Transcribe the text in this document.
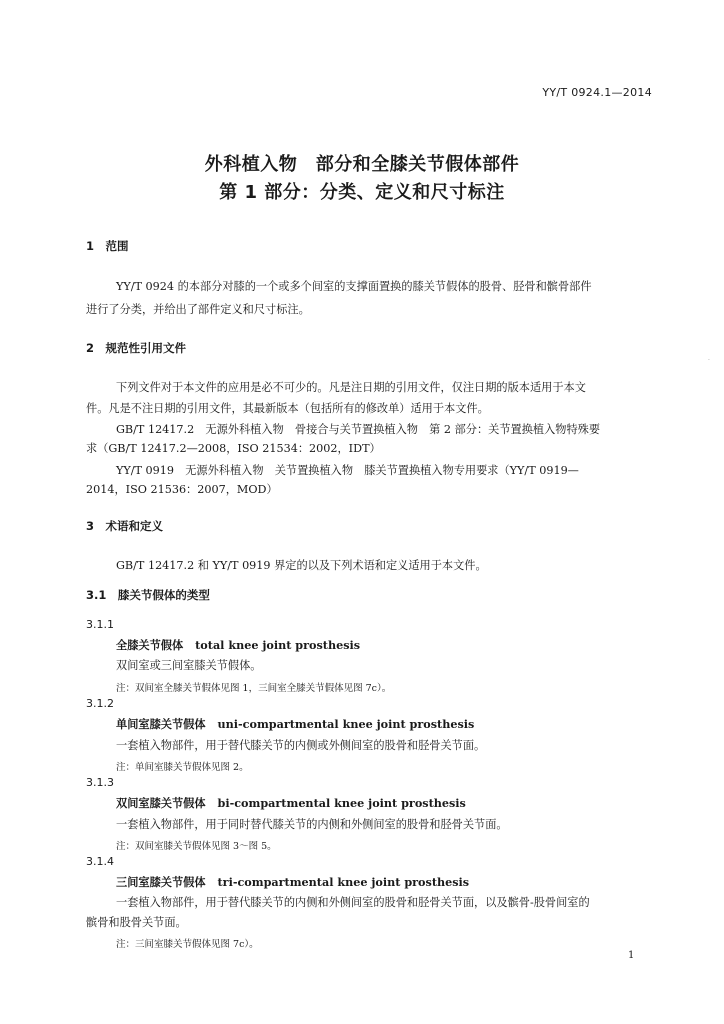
YY/T 0924.1—2014
外科植入物　部分和全膝关节假体部件
第 1 部分：分类、定义和尺寸标注
1　范围
YY/T 0924 的本部分对膝的一个或多个间室的支撑面置换的膝关节假体的股骨、胫骨和髌骨部件
进行了分类，并给出了部件定义和尺寸标注。
2　规范性引用文件
下列文件对于本文件的应用是必不可少的。凡是注日期的引用文件，仅注日期的版本适用于本文
件。凡是不注日期的引用文件，其最新版本（包括所有的修改单）适用于本文件。
GB/T 12417.2　无源外科植入物　骨接合与关节置换植入物　第 2 部分：关节置换植入物特殊要
求（GB/T 12417.2—2008，ISO 21534：2002，IDT）
YY/T 0919　无源外科植入物　关节置换植入物　膝关节置换植入物专用要求（YY/T 0919—
2014，ISO 21536：2007，MOD）
·
3　术语和定义
GB/T 12417.2 和 YY/T 0919 界定的以及下列术语和定义适用于本文件。
3.1　膝关节假体的类型
3.1.1
全膝关节假体 total knee joint prosthesis
双间室或三间室膝关节假体。
注：双间室全膝关节假体见图 1，三间室全膝关节假体见图 7c）。
3.1.2
单间室膝关节假体 uni-compartmental knee joint prosthesis
一套植入物部件，用于替代膝关节的内侧或外侧间室的股骨和胫骨关节面。
注：单间室膝关节假体见图 2。
3.1.3
双间室膝关节假体 bi-compartmental knee joint prosthesis
一套植入物部件，用于同时替代膝关节的内侧和外侧间室的股骨和胫骨关节面。
注：双间室膝关节假体见图 3～图 5。
3.1.4
三间室膝关节假体 tri-compartmental knee joint prosthesis
一套植入物部件，用于替代膝关节的内侧和外侧间室的股骨和胫骨关节面，以及髌骨-股骨间室的
髌骨和股骨关节面。
注：三间室膝关节假体见图 7c）。
1
